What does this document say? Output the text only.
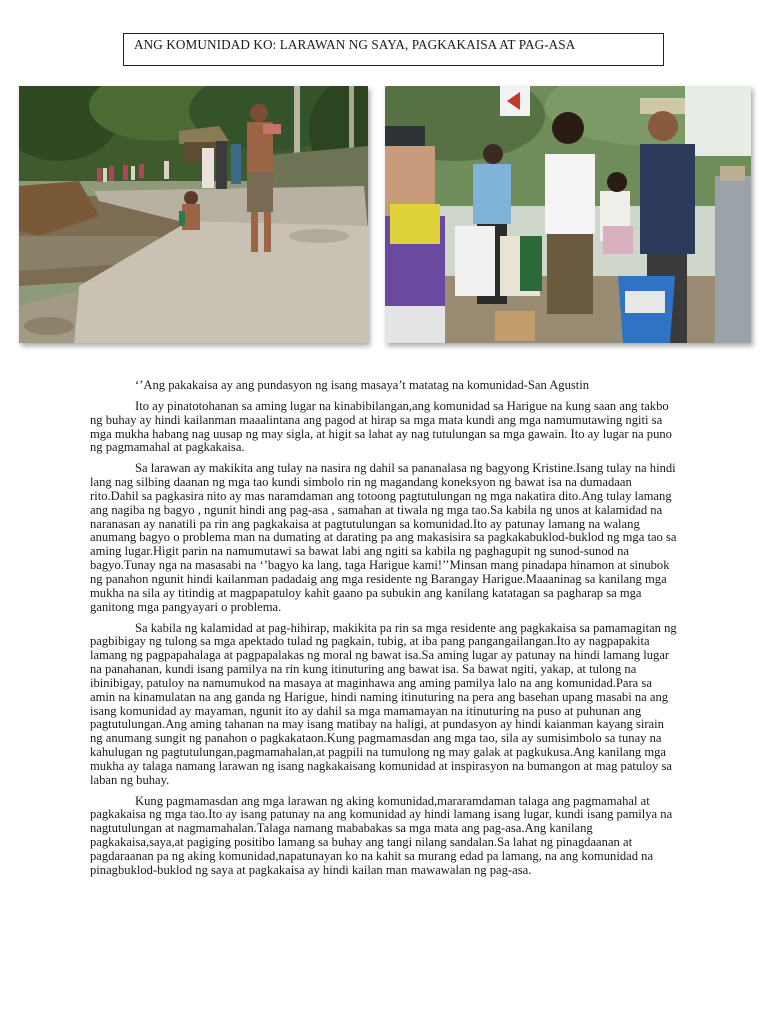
ANG KOMUNIDAD KO: LARAWAN NG SAYA, PAGKAKAISA AT PAG-ASA

‘’Ang pakakaisa ay ang pundasyon ng isang masaya’t matatag na komunidad-San Agustin

Ito ay pinatotohanan sa aming lugar na kinabibilangan,ang komunidad sa Harigue na kung saan ang takbo ng buhay ay hindi kailanman maaalintana ang pagod at hirap sa mga mata kundi ang mga namumutawing ngiti sa mga mukha habang nag uusap ng may sigla, at higit sa lahat ay nag tutulungan sa mga gawain. Ito ay lugar na puno ng pagmamahal at pagkakaisa.

Sa larawan ay makikita ang tulay na nasira ng dahil sa pananalasa ng bagyong Kristine.Isang tulay na hindi lang nag silbing daanan ng mga tao kundi simbolo rin ng magandang koneksyon ng bawat isa na dumadaan rito.Dahil sa pagkasira nito ay mas naramdaman ang totoong pagtutulungan ng mga nakatira dito.Ang tulay lamang ang nagiba ng bagyo , ngunit hindi ang pag-asa , samahan at tiwala ng mga tao.Sa kabila ng unos at kalamidad na naranasan ay nanatili pa rin ang pagkakaisa at pagtutulungan sa komunidad.Ito ay patunay lamang na walang anumang bagyo o problema man na dumating at darating pa ang makasisira sa pagkakabuklod-buklod ng mga tao sa aming lugar.Higit parin na namumutawi sa bawat labi ang ngiti sa kabila ng paghagupit ng sunod-sunod na bagyo.Tunay nga na masasabi na ‘’bagyo ka lang, taga Harigue kami!’’Minsan mang pinadapa hinamon at sinubok ng panahon ngunit hindi kailanman padadaig ang mga residente ng Barangay Harigue.Maaaninag sa kanilang mga mukha na sila ay titindig at magpapatuloy kahit gaano pa subukin ang kanilang katatagan sa pagharap sa mga ganitong mga pangyayari o problema.

Sa kabila ng kalamidad at pag-hihirap, makikita pa rin sa mga residente ang pagkakaisa sa pamamagitan ng pagbibigay ng tulong sa mga apektado tulad ng pagkain, tubig, at iba pang pangangailangan.Ito ay nagpapakita lamang ng pagpapahalaga at pagpapalakas ng moral ng bawat isa.Sa aming lugar ay patunay na hindi lamang lugar na panahanan, kundi isang pamilya na rin kung itinuturing ang bawat isa. Sa bawat ngiti, yakap, at tulong na ibinibigay, patuloy na namumukod na masaya at maginhawa ang aming pamilya lalo na ang komunidad.Para sa amin na kinamulatan na ang ganda ng Harigue, hindi naming itinuturing na pera ang basehan upang masabi na ang isang komunidad ay mayaman, ngunit ito ay dahil sa mga mamamayan na itinuturing na puso at puhunan ang pagtutulungan.Ang aming tahanan na may isang matibay na haligi, at pundasyon ay hindi kaianman kayang sirain ng anumang sungit ng panahon o pagkakataon.Kung pagmamasdan ang mga tao, sila ay sumisimbolo sa tunay na kahulugan ng pagtutulungan,pagmamahalan,at pagpili na tumulong ng may galak at pagkukusa.Ang kanilang mga mukha ay talaga namang larawan ng isang nagkakaisang komunidad at inspirasyon na bumangon at mag patuloy sa laban ng buhay.

Kung pagmamasdan ang mga larawan ng aking komunidad,mararamdaman talaga ang pagmamahal at pagkakaisa ng mga tao.Ito ay isang patunay na ang komunidad ay hindi lamang isang lugar, kundi isang pamilya na nagtutulungan at nagmamahalan.Talaga namang mababakas sa mga mata ang pag-asa.Ang kanilang pagkakaisa,saya,at pagiging positibo lamang sa buhay ang tangi nilang sandalan.Sa lahat ng pinagdaanan at pagdaraanan pa ng aking komunidad,napatunayan ko na kahit sa murang edad pa lamang, na ang komunidad na pinagbuklod-buklod ng saya at pagkakaisa ay hindi kailan man mawawalan ng pag-asa.
